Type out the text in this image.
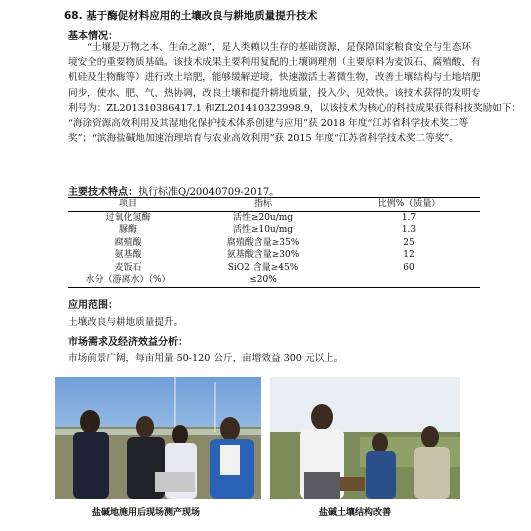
68. 基于酶促材料应用的土壤改良与耕地质量提升技术
基本情况：
“土壤是万物之本、生命之源”，是人类赖以生存的基础资源，是保障国家粮食安全与生态环
境安全的重要物质基础。该技术成果主要利用复配的土壤调理剂（主要原料为麦饭石、腐殖酸、有
机硅及生物酶等）进行改土培肥，能够缓解逆境，快速激活土著微生物，改善土壤结构与土地培肥
同步，使水、肥、气、热协调，改良土壤和提升耕地质量，投入少、见效快。该技术获得的发明专
利号为：ZL201310386417.1 和ZL201410323998.9，以该技术为核心的科技成果获得科技奖励如下：
“海涂资源高效利用及其湿地化保护技术体系创建与应用”获 2018 年度“江苏省科学技术奖二等
奖”；“滨海盐碱地加速治理培育与农业高效利用”获 2015 年度“江苏省科学技术奖二等奖”。
主要技术特点：执行标准Q/20040709-2017。
项目	指标	比例%（质量）
过氧化氢酶	活性≥20u/mg	1.7
脲酶	活性≥10u/mg	1.3
腐殖酸	腐殖酸含量≥35%	25
氨基酸	氨基酸含量≥30%	12
麦饭石	SiO2 含量≥45%	60
水分（游离水）（%）	≤20%	
应用范围：
土壤改良与耕地质量提升。
市场需求及经济效益分析：
市场前景广阔，每亩用量 50-120 公斤，亩增效益 300 元以上。
盐碱地施用后现场测产现场	盐碱土壤结构改善
